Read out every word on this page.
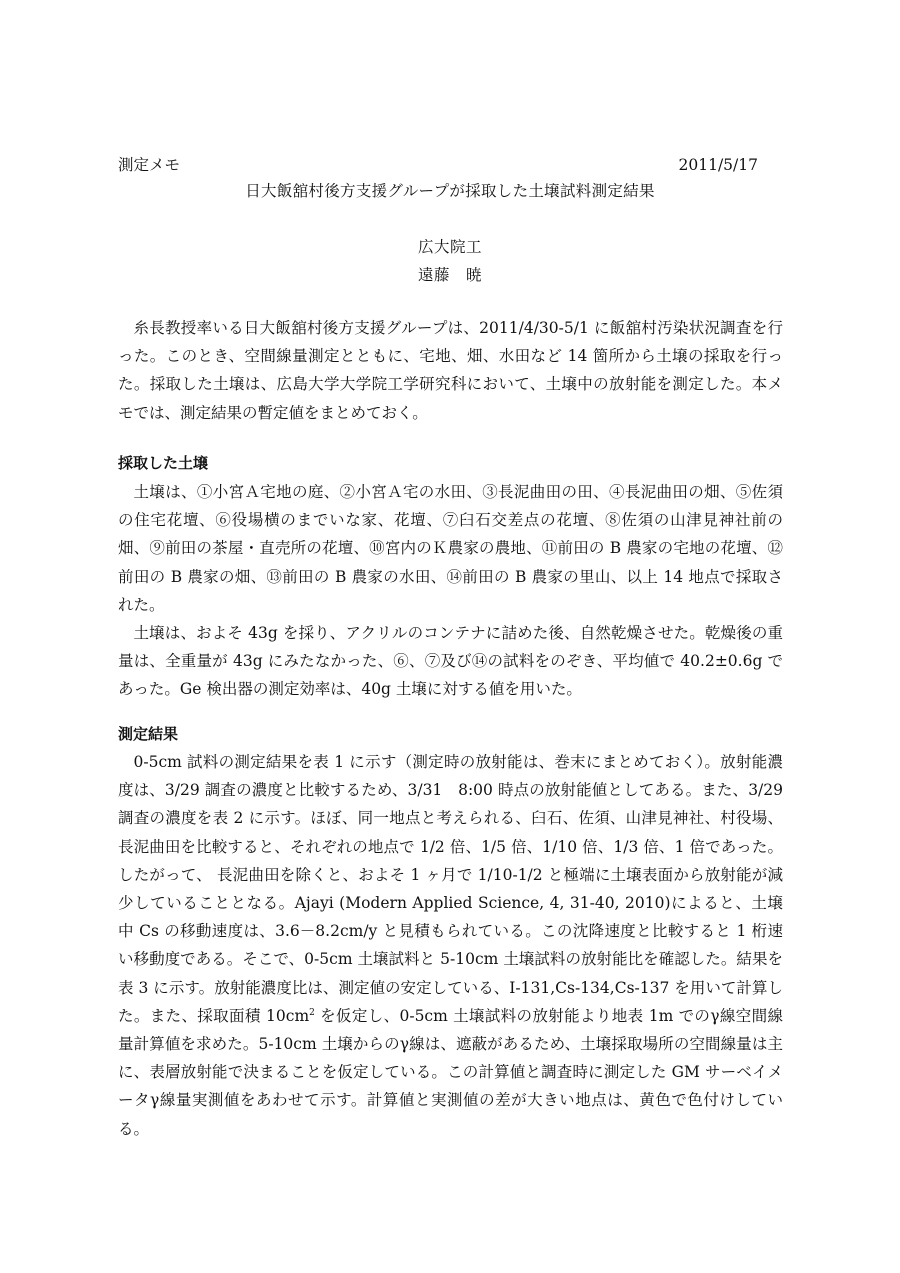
測定メモ	2011/5/17
日大飯舘村後方支援グループが採取した土壌試料測定結果
広大院工
遠藤　暁

糸長教授率いる日大飯舘村後方支援グループは、2011/4/30-5/1 に飯舘村汚染状況調査を行った。このとき、空間線量測定とともに、宅地、畑、水田など 14 箇所から土壌の採取を行った。採取した土壌は、広島大学大学院工学研究科において、土壌中の放射能を測定した。本メモでは、測定結果の暫定値をまとめておく。

採取した土壌

土壌は、①小宮Ａ宅地の庭、②小宮Ａ宅の水田、③長泥曲田の田、④長泥曲田の畑、⑤佐須の住宅花壇、⑥役場横のまでいな家、花壇、⑦臼石交差点の花壇、⑧佐須の山津見神社前の畑、⑨前田の茶屋・直売所の花壇、⑩宮内のＫ農家の農地、⑪前田の B 農家の宅地の花壇、⑫前田の B 農家の畑、⑬前田の B 農家の水田、⑭前田の B 農家の里山、以上 14 地点で採取された。

土壌は、およそ 43g を採り、アクリルのコンテナに詰めた後、自然乾燥させた。乾燥後の重量は、全重量が 43g にみたなかった、⑥、⑦及び⑭の試料をのぞき、平均値で 40.2±0.6g であった。Ge 検出器の測定効率は、40g 土壌に対する値を用いた。

測定結果

0-5cm 試料の測定結果を表 1 に示す（測定時の放射能は、巻末にまとめておく）。放射能濃度は、3/29 調査の濃度と比較するため、3/31　8:00 時点の放射能値としてある。また、3/29 調査の濃度を表 2 に示す。ほぼ、同一地点と考えられる、臼石、佐須、山津見神社、村役場、長泥曲田を比較すると、それぞれの地点で 1/2 倍、1/5 倍、1/10 倍、1/3 倍、1 倍であった。したがって、 長泥曲田を除くと、およそ 1 ヶ月で 1/10-1/2 と極端に土壌表面から放射能が減少していることとなる。Ajayi (Modern Applied Science, 4, 31-40, 2010)によると、土壌中 Cs の移動速度は、3.6－8.2cm/y と見積もられている。この沈降速度と比較すると 1 桁速い移動度である。そこで、0-5cm 土壌試料と 5-10cm 土壌試料の放射能比を確認した。結果を表 3 に示す。放射能濃度比は、測定値の安定している、I-131,Cs-134,Cs-137 を用いて計算した。また、採取面積 $10cm^2$ を仮定し、0-5cm 土壌試料の放射能より地表 1m でのγ線空間線量計算値を求めた。5-10cm 土壌からのγ線は、遮蔽があるため、土壌採取場所の空間線量は主に、表層放射能で決まることを仮定している。この計算値と調査時に測定した GM サーベイメータγ線量実測値をあわせて示す。計算値と実測値の差が大きい地点は、黄色で色付けしている。
